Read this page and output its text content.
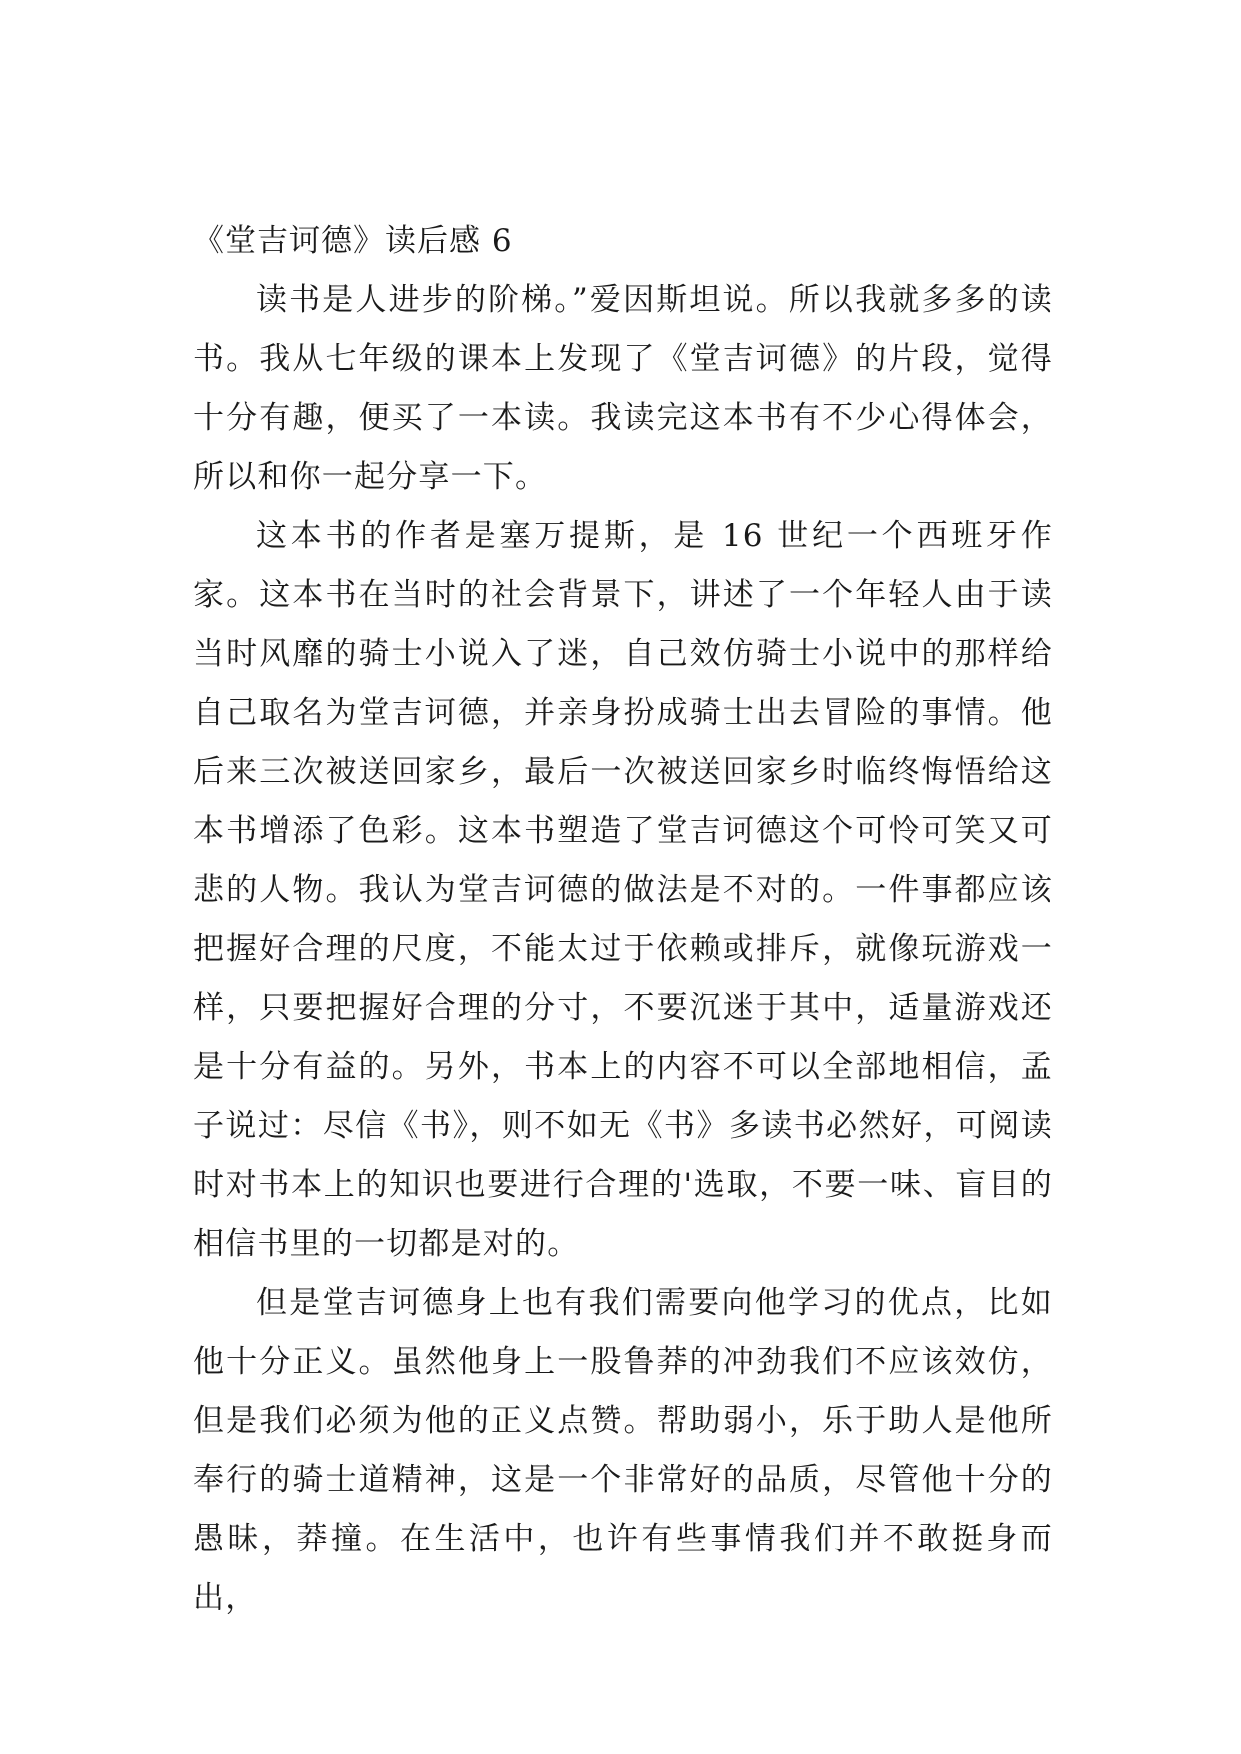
《堂吉诃德》读后感 6

读书是人进步的阶梯。”爱因斯坦说。所以我就多多的读书。我从七年级的课本上发现了《堂吉诃德》的片段，觉得十分有趣，便买了一本读。我读完这本书有不少心得体会，所以和你一起分享一下。

这本书的作者是塞万提斯，是 16 世纪一个西班牙作家。这本书在当时的社会背景下，讲述了一个年轻人由于读当时风靡的骑士小说入了迷，自己效仿骑士小说中的那样给自己取名为堂吉诃德，并亲身扮成骑士出去冒险的事情。他后来三次被送回家乡，最后一次被送回家乡时临终悔悟给这本书增添了色彩。这本书塑造了堂吉诃德这个可怜可笑又可悲的人物。我认为堂吉诃德的做法是不对的。一件事都应该把握好合理的尺度，不能太过于依赖或排斥，就像玩游戏一样，只要把握好合理的分寸，不要沉迷于其中，适量游戏还是十分有益的。另外，书本上的内容不可以全部地相信，孟子说过：尽信《书》，则不如无《书》多读书必然好，可阅读时对书本上的知识也要进行合理的'选取，不要一味、盲目的相信书里的一切都是对的。

但是堂吉诃德身上也有我们需要向他学习的优点，比如他十分正义。虽然他身上一股鲁莽的冲劲我们不应该效仿，但是我们必须为他的正义点赞。帮助弱小，乐于助人是他所奉行的骑士道精神，这是一个非常好的品质，尽管他十分的愚昧，莽撞。在生活中，也许有些事情我们并不敢挺身而出，
